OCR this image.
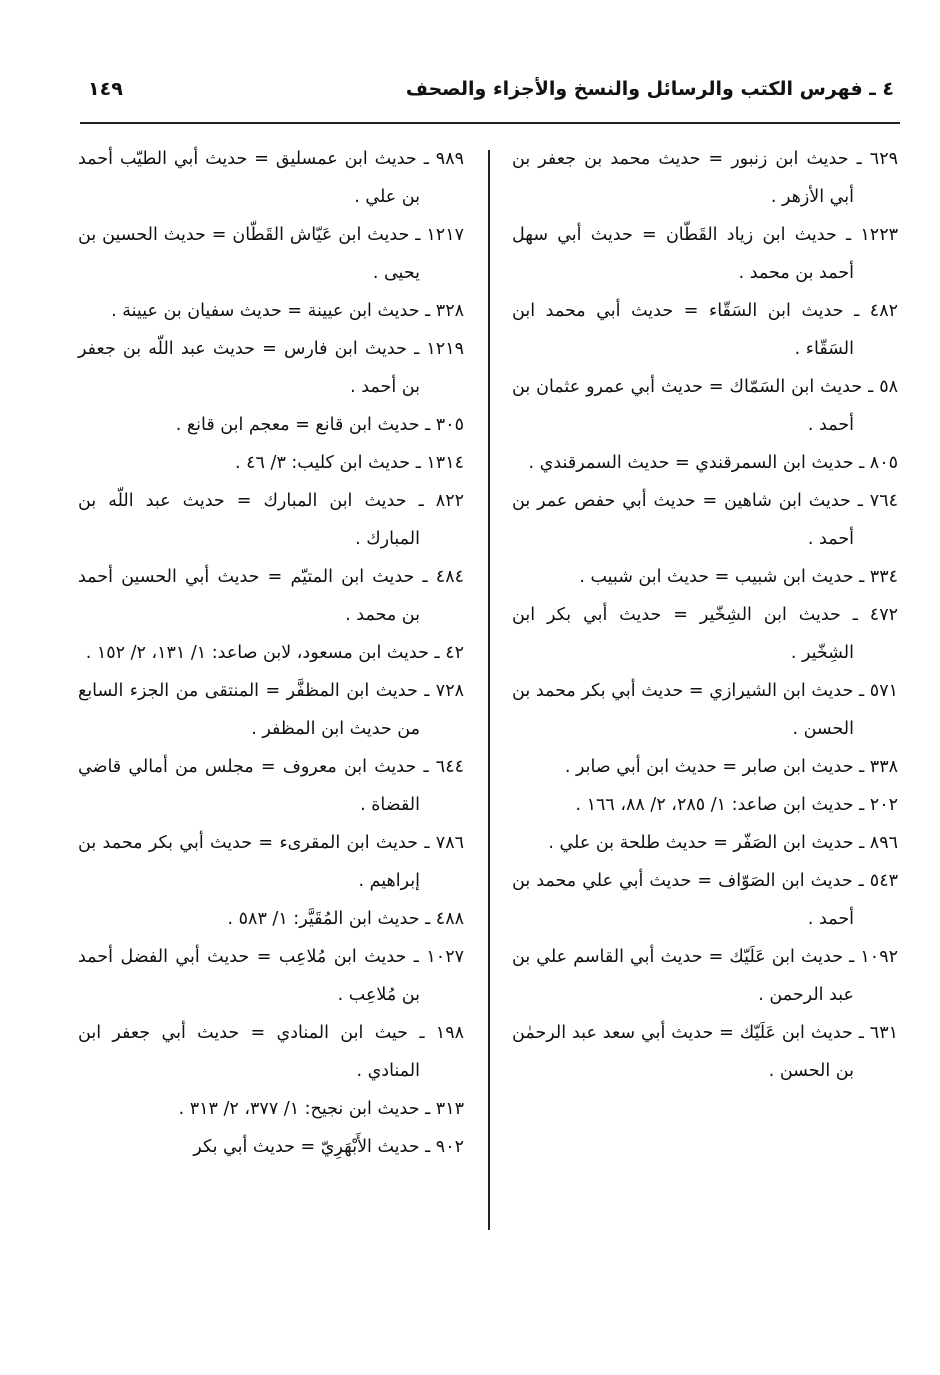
٤ ـ فهرس الكتب والرسائل والنسخ والأجزاء والصحف
١٤٩

٦٢٩ ـ حديث ابن زنبور = حديث محمد بن جعفر بن أبي الأزهر .

١٢٢٣ ـ حديث ابن زياد القَطّان = حديث أبي سهل أحمد بن محمد .

٤٨٢ ـ حديث ابن السَقّاء = حديث أبي محمد ابن السَقّاء .

٥٨ ـ حديث ابن السَمّاك = حديث أبي عمرو عثمان بن أحمد .

٨٠٥ ـ حديث ابن السمرقندي = حديث السمرقندي .

٧٦٤ ـ حديث ابن شاهين = حديث أبي حفص عمر بن أحمد .

٣٣٤ ـ حديث ابن شبيب = حديث ابن شبيب .

٤٧٢ ـ حديث ابن الشِخّير = حديث أبي بكر ابن الشِخّير .

٥٧١ ـ حديث ابن الشيرازي = حديث أبي بكر محمد بن الحسن .

٣٣٨ ـ حديث ابن صابر = حديث ابن أبي صابر .

٢٠٢ ـ حديث ابن صاعد: ١/ ٢٨٥، ٢/ ٨٨، ١٦٦ .

٨٩٦ ـ حديث ابن الصَفّر = حديث طلحة بن علي .

٥٤٣ ـ حديث ابن الصَوّاف = حديث أبي علي محمد بن أحمد .

١٠٩٢ ـ حديث ابن عَلَيّك = حديث أبي القاسم علي بن عبد الرحمن .

٦٣١ ـ حديث ابن عَلَيّك = حديث أبي سعد عبد الرحمٰن بن الحسن .

٩٨٩ ـ حديث ابن عمسليق = حديث أبي الطيّب أحمد بن علي .

١٢١٧ ـ حديث ابن عَيّاش القَطّان = حديث الحسين بن يحيى .

٣٢٨ ـ حديث ابن عيينة = حديث سفيان بن عيينة .

١٢١٩ ـ حديث ابن فارس = حديث عبد اللّه بن جعفر بن أحمد .

٣٠٥ ـ حديث ابن قانع = معجم ابن قانع .

١٣١٤ ـ حديث ابن كليب: ٣/ ٤٦ .

٨٢٢ ـ حديث ابن المبارك = حديث عبد اللّه بن المبارك .

٤٨٤ ـ حديث ابن المتيّم = حديث أبي الحسين أحمد بن محمد .

٤٢ ـ حديث ابن مسعود، لابن صاعد: ١/ ١٣١، ٢/ ١٥٢ .

٧٢٨ ـ حديث ابن المظفَّر = المنتقى من الجزء السابع من حديث ابن المظفر .

٦٤٤ ـ حديث ابن معروف = مجلس من أمالي قاضي القضاة .

٧٨٦ ـ حديث ابن المقرىء = حديث أبي بكر محمد بن إبراهيم .

٤٨٨ ـ حديث ابن المُقَيَّر: ١/ ٥٨٣ .

١٠٢٧ ـ حديث ابن مُلاعِب = حديث أبي الفضل أحمد بن مُلاعِب .

١٩٨ ـ حيث ابن المنادي = حديث أبي جعفر ابن المنادي .

٣١٣ ـ حديث ابن نجيح: ١/ ٣٧٧، ٢/ ٣١٣ .

٩٠٢ ـ حديث الأَبْهَرِيّ = حديث أبي بكر
